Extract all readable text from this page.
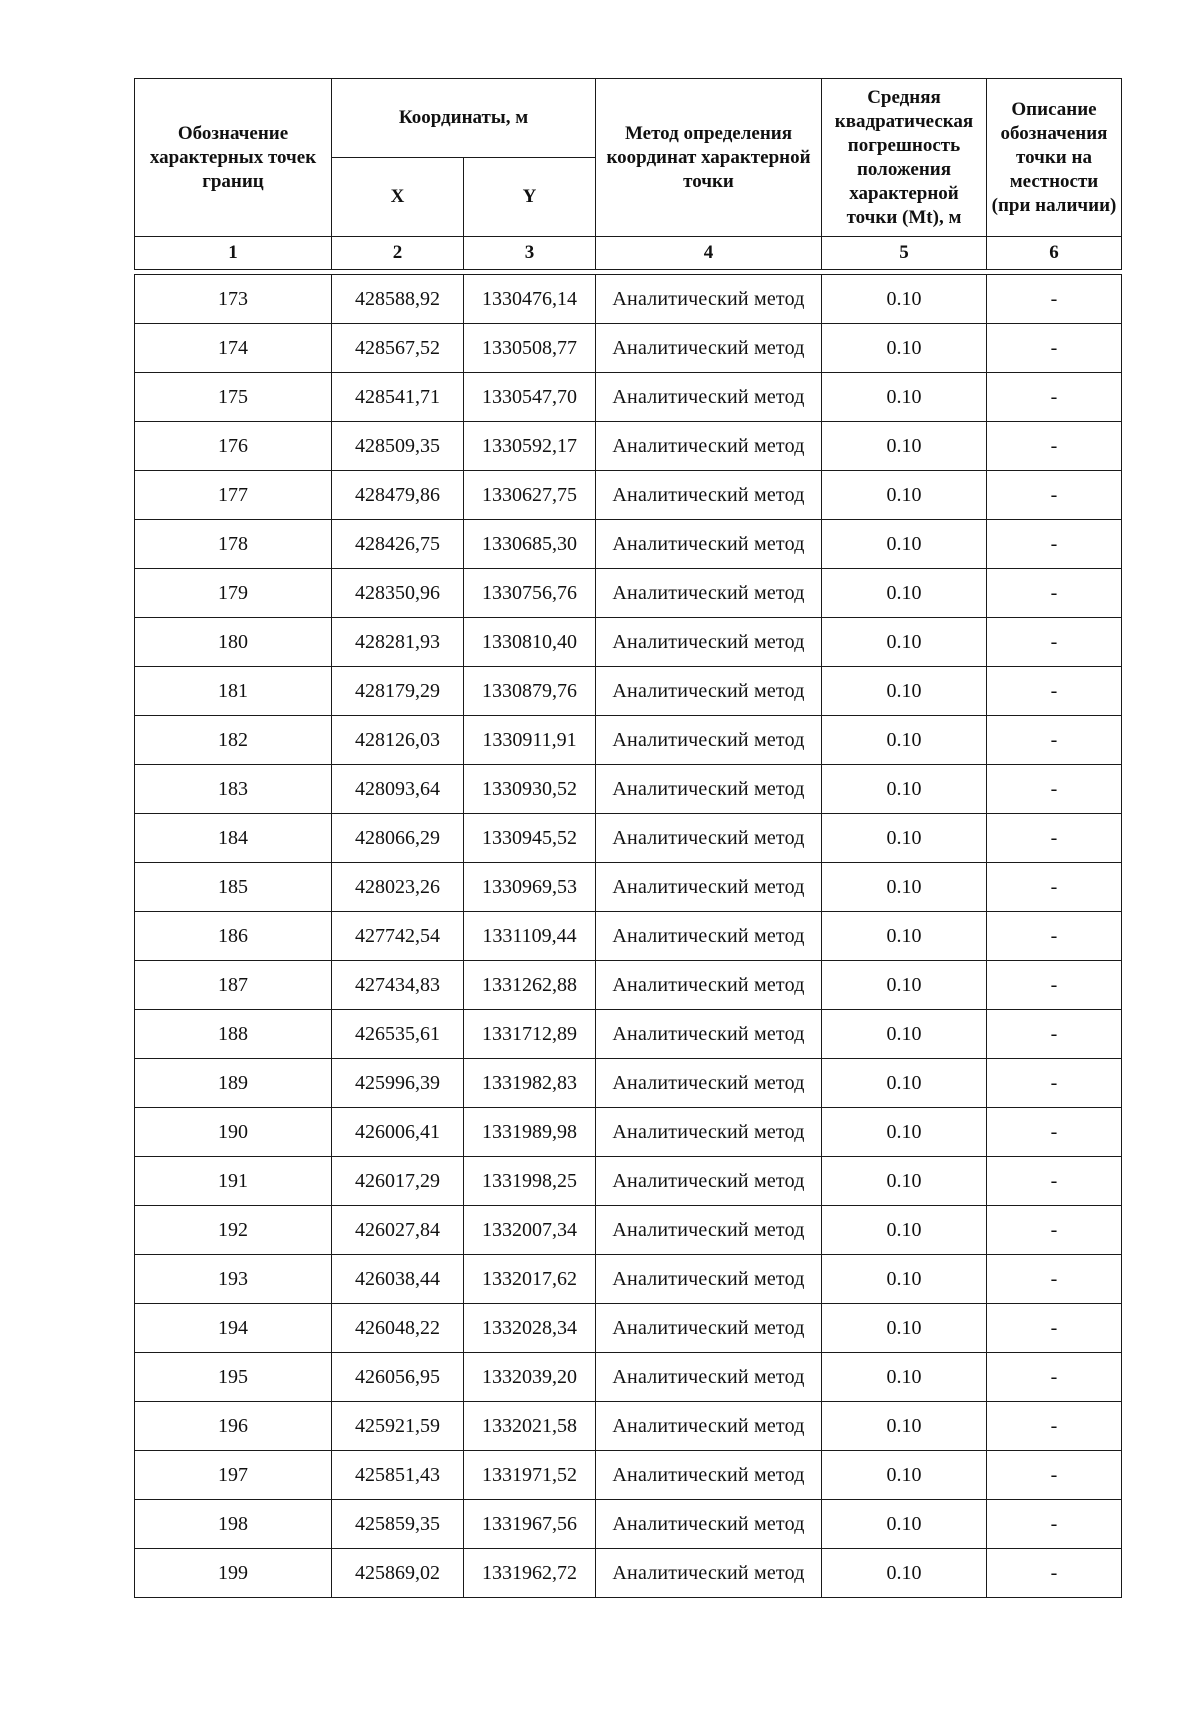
Обозначение характерных точек границ	Координаты, м		Метод определения координат характерной точки	Средняя квадратическая погрешность положения характерной точки (Mt), м	Описание обозначения точки на местности (при наличии)

	X	Y			
1	2	3	4	5	6

173	428588,92	1330476,14	Аналитический метод	0.10	-
174	428567,52	1330508,77	Аналитический метод	0.10	-
175	428541,71	1330547,70	Аналитический метод	0.10	-
176	428509,35	1330592,17	Аналитический метод	0.10	-
177	428479,86	1330627,75	Аналитический метод	0.10	-
178	428426,75	1330685,30	Аналитический метод	0.10	-
179	428350,96	1330756,76	Аналитический метод	0.10	-
180	428281,93	1330810,40	Аналитический метод	0.10	-
181	428179,29	1330879,76	Аналитический метод	0.10	-
182	428126,03	1330911,91	Аналитический метод	0.10	-
183	428093,64	1330930,52	Аналитический метод	0.10	-
184	428066,29	1330945,52	Аналитический метод	0.10	-
185	428023,26	1330969,53	Аналитический метод	0.10	-
186	427742,54	1331109,44	Аналитический метод	0.10	-
187	427434,83	1331262,88	Аналитический метод	0.10	-
188	426535,61	1331712,89	Аналитический метод	0.10	-
189	425996,39	1331982,83	Аналитический метод	0.10	-
190	426006,41	1331989,98	Аналитический метод	0.10	-
191	426017,29	1331998,25	Аналитический метод	0.10	-
192	426027,84	1332007,34	Аналитический метод	0.10	-
193	426038,44	1332017,62	Аналитический метод	0.10	-
194	426048,22	1332028,34	Аналитический метод	0.10	-
195	426056,95	1332039,20	Аналитический метод	0.10	-
196	425921,59	1332021,58	Аналитический метод	0.10	-
197	425851,43	1331971,52	Аналитический метод	0.10	-
198	425859,35	1331967,56	Аналитический метод	0.10	-
199	425869,02	1331962,72	Аналитический метод	0.10	-
